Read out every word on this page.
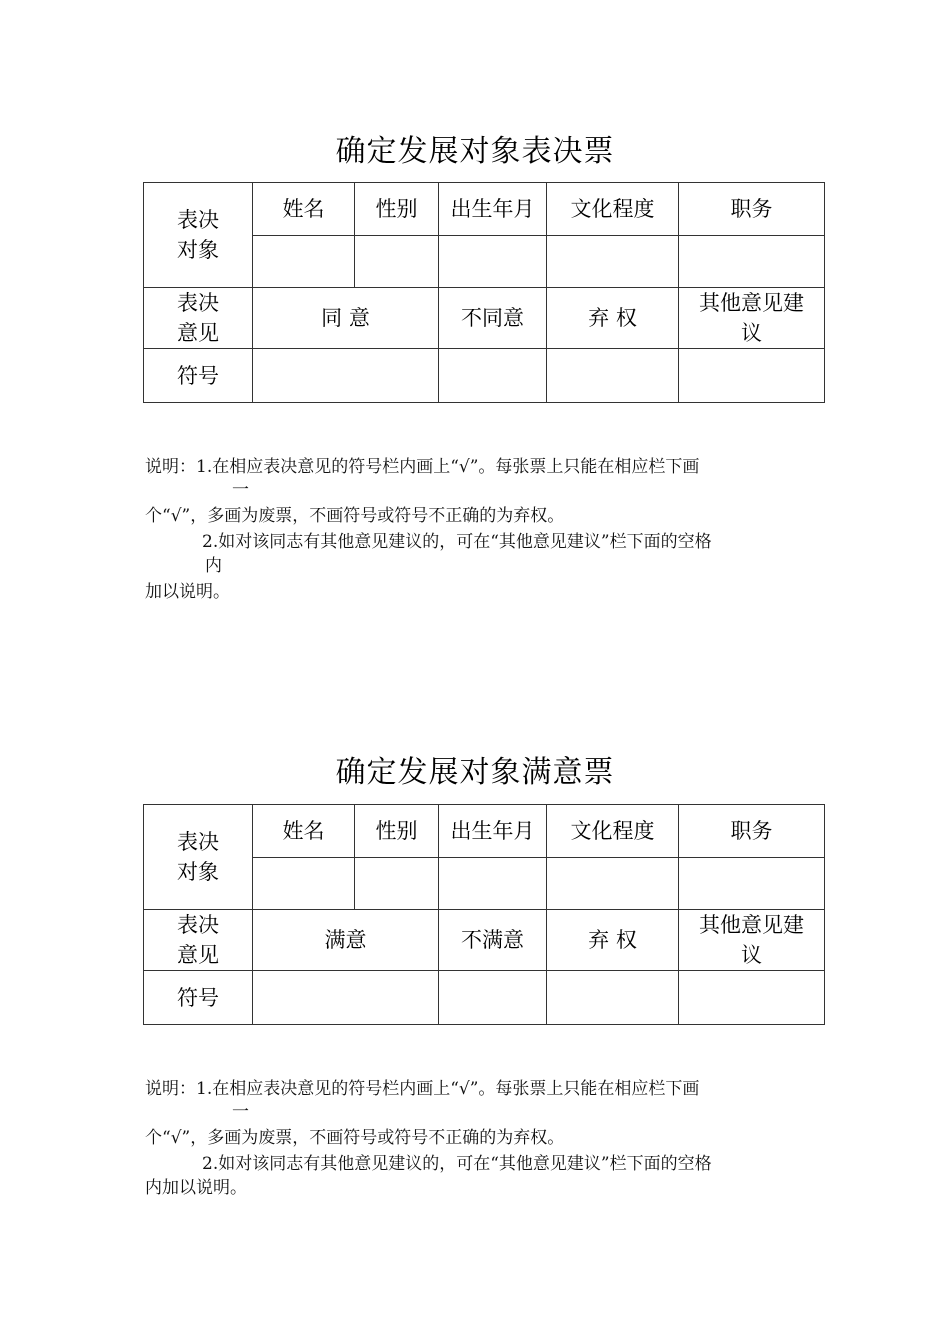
确定发展对象表决票
表决对象	姓名	性别	出生年月	文化程度	职务

表决意见	同 意		不同意	弃 权	其他意见建议
符号					
说明：1.在相应表决意见的符号栏内画上“√”。每张票上只能在相应栏下画
一
个“√”，多画为废票，不画符号或符号不正确的为弃权。
2.如对该同志有其他意见建议的，可在“其他意见建议”栏下面的空格
内
加以说明。
确定发展对象满意票
表决对象	姓名	性别	出生年月	文化程度	职务

表决意见	满意		不满意	弃 权	其他意见建议
符号					
说明：1.在相应表决意见的符号栏内画上“√”。每张票上只能在相应栏下画
一
个“√”，多画为废票，不画符号或符号不正确的为弃权。
2.如对该同志有其他意见建议的，可在“其他意见建议”栏下面的空格
内加以说明。
